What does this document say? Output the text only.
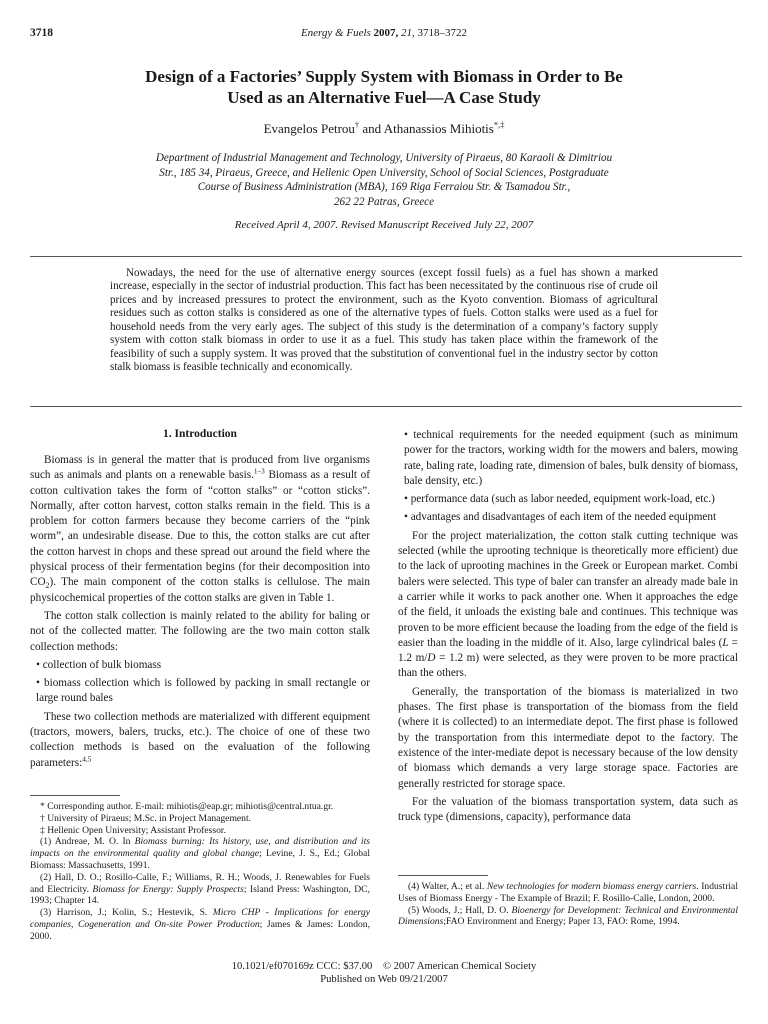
3718	Energy & Fuels 2007, 21, 3718–3722
Design of a Factories’ Supply System with Biomass in Order to Be
Used as an Alternative Fuel—A Case Study
Evangelos Petrou† and Athanassios Mihiotis*,‡
Department of Industrial Management and Technology, University of Piraeus, 80 Karaoli & Dimitriou
Str., 185 34, Piraeus, Greece, and Hellenic Open University, School of Social Sciences, Postgraduate
Course of Business Administration (MBA), 169 Riga Ferraiou Str. & Tsamadou Str.,
262 22 Patras, Greece
Received April 4, 2007. Revised Manuscript Received July 22, 2007

Nowadays, the need for the use of alternative energy sources (except fossil fuels) as a fuel has shown a marked increase, especially in the sector of industrial production. This fact has been necessitated by the continuous rise of crude oil prices and by increased pressures to protect the environment, such as the Kyoto convention. Biomass of agricultural residues such as cotton stalks is considered as one of the alternative types of fuels. Cotton stalks were used as a fuel for household needs from the very early ages. The subject of this study is the determination of a company’s factory supply system with cotton stalk biomass in order to use it as a fuel. This study has taken place within the framework of the feasibility of such a supply system. It was proved that the substitution of conventional fuel in the industry sector by cotton stalk biomass is feasible technically and economically.

1. Introduction

Biomass is in general the matter that is produced from live organisms such as animals and plants on a renewable basis.$^{1-3}$ Biomass as a result of cotton cultivation takes the form of “cotton stalks” or “cotton sticks”. Normally, after cotton harvest, cotton stalks remain in the field. This is a problem for cotton farmers because they become carriers of the “pink worm”, an undesirable disease. Due to this, the cotton stalks are cut after the cotton harvest in chops and these spread out around the field where the physical process of their fermentation begins (for their decomposition into $CO_2$). The main component of the cotton stalks is cellulose. The main physicochemical properties of the cotton stalks are given in Table 1.

The cotton stalk collection is mainly related to the ability for baling or not of the collected matter. The following are the two main cotton stalk collection methods:

• collection of bulk biomass

• biomass collection which is followed by packing in small rectangle or large round bales

These two collection methods are materialized with different equipment (tractors, mowers, balers, trucks, etc.). The choice of one of these two collection methods is based on the evaluation of the following parameters:$^{4,5}$

* Corresponding author. E-mail: mihiotis@eap.gr; mihiotis@central.ntua.gr.

† University of Piraeus; M.Sc. in Project Management.

‡ Hellenic Open University; Assistant Professor.

(1) Andreae, M. O. In Biomass burning: Its history, use, and distribution and its impacts on the environmental quality and global change; Levine, J. S., Ed.; Global Biomass: Massachusetts, 1991.

(2) Hall, D. O.; Rosillo-Calle, F.; Williams, R. H.; Woods, J. Renewables for Fuels and Electricity. Biomass for Energy: Supply Prospects; Island Press: Washington, DC, 1993; Chapter 14.

(3) Harrison, J.; Kolin, S.; Hestevik, S. Micro CHP - Implications for energy companies, Cogeneration and On-site Power Production; James & James: London, 2000.

• technical requirements for the needed equipment (such as minimum power for the tractors, working width for the mowers and balers, mowing rate, baling rate, loading rate, dimension of bales, bulk density of biomass, bale density, etc.)

• performance data (such as labor needed, equipment work-load, etc.)

• advantages and disadvantages of each item of the needed equipment

For the project materialization, the cotton stalk cutting technique was selected (while the uprooting technique is theoretically more efficient) due to the lack of uprooting machines in the Greek or European market. Combi balers were selected. This type of baler can transfer an already made bale in a carrier while it works to pack another one. When it approaches the edge of the field, it unloads the existing bale and continues. This technique was proven to be more efficient because the loading from the edge of the field is easier than the loading in the middle of it. Also, large cylindrical bales (L = 1.2 m/D = 1.2 m) were selected, as they were proven to be more practical than the others.

Generally, the transportation of the biomass is materialized in two phases. The first phase is transportation of the biomass from the field (where it is collected) to an intermediate depot. The first phase is followed by the transportation from this intermediate depot to the factory. The existence of the inter-mediate depot is necessary because of the low density of biomass which demands a very large storage space. Factories are generally restricted for storage space.

For the valuation of the biomass transportation system, data such as truck type (dimensions, capacity), performance data

(4) Walter, A.; et al. New technologies for modern biomass energy carriers. Industrial Uses of Biomass Energy - The Example of Brazil; F. Rosillo-Calle, London, 2000.

(5) Woods, J.; Hall, D. O. Bioenergy for Development: Technical and Environmental Dimensions;FAO Environment and Energy; Paper 13, FAO: Rome, 1994.

10.1021/ef070169z CCC: $37.00 © 2007 American Chemical Society
Published on Web 09/21/2007
